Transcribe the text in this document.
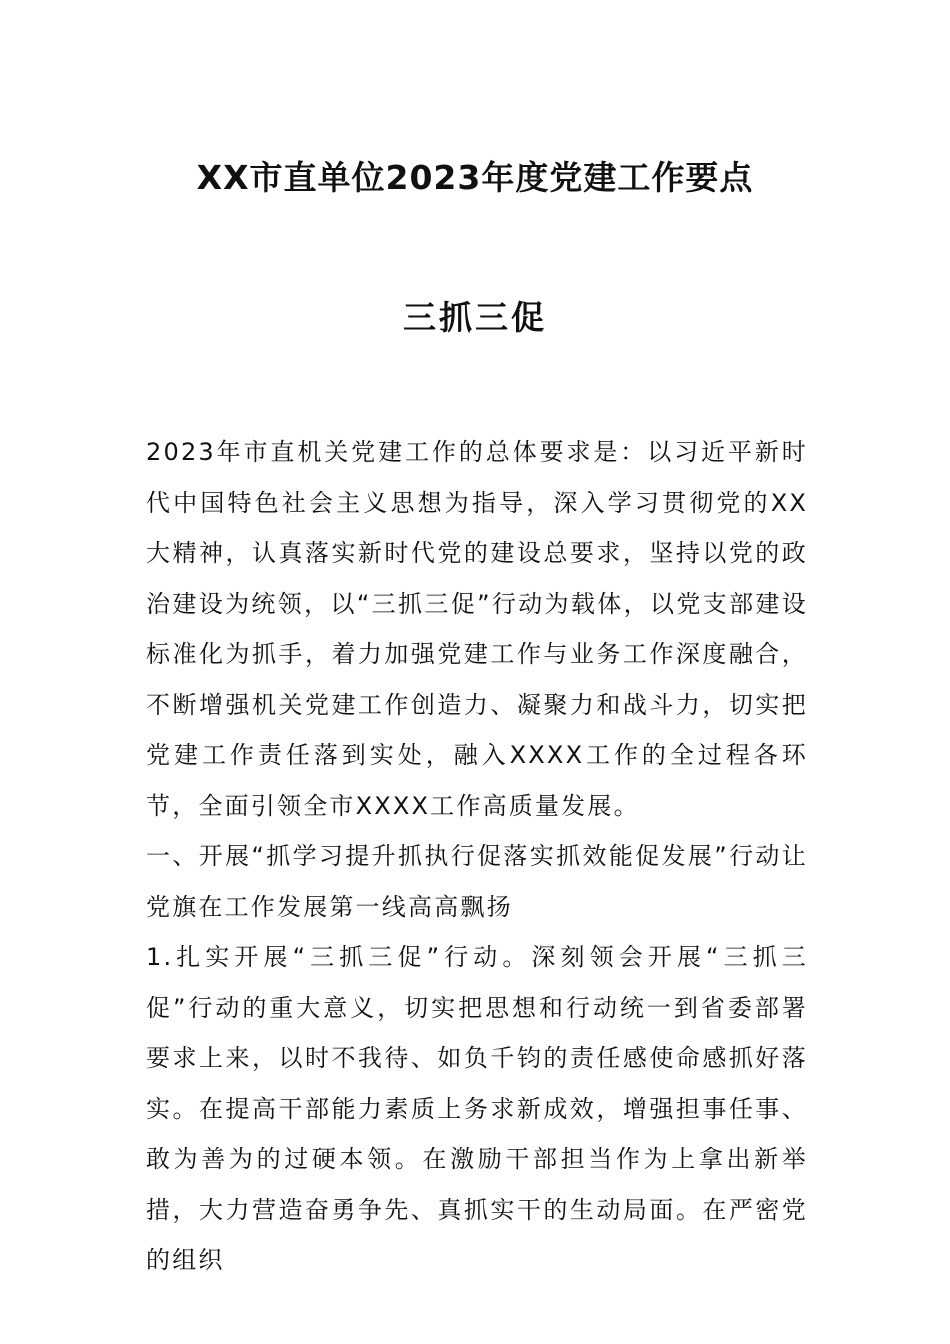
XX市直单位2023年度党建工作要点
三抓三促

2023年市直机关党建工作的总体要求是：以习近平新时代中国特色社会主义思想为指导，深入学习贯彻党的XX大精神，认真落实新时代党的建设总要求，坚持以党的政治建设为统领，以“三抓三促”行动为载体，以党支部建设标准化为抓手，着力加强党建工作与业务工作深度融合，不断增强机关党建工作创造力、凝聚力和战斗力，切实把党建工作责任落到实处，融入XXXX工作的全过程各环节，全面引领全市XXXX工作高质量发展。

一、开展“抓学习提升抓执行促落实抓效能促发展”行动让党旗在工作发展第一线高高飘扬

1.扎实开展“三抓三促”行动。深刻领会开展“三抓三促”行动的重大意义，切实把思想和行动统一到省委部署要求上来，以时不我待、如负千钧的责任感使命感抓好落实。在提高干部能力素质上务求新成效，增强担事任事、敢为善为的过硬本领。在激励干部担当作为上拿出新举措，大力营造奋勇争先、真抓实干的生动局面。在严密党的组织
